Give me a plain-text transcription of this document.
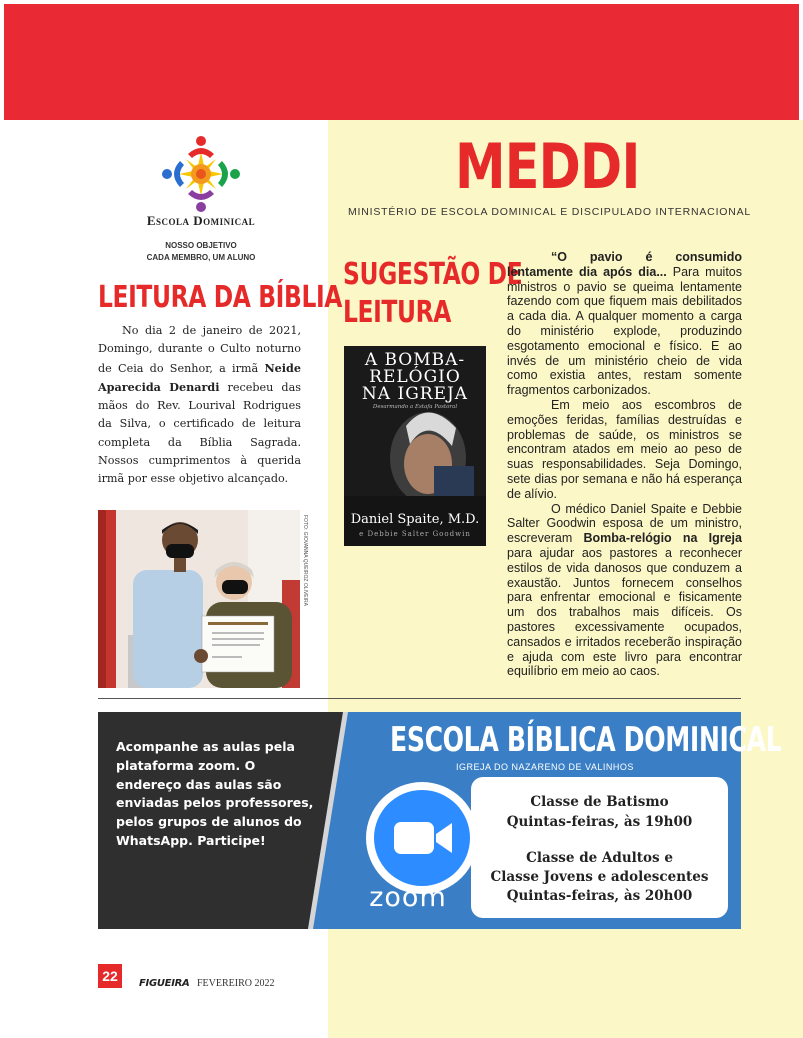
Escola Dominical
NOSSO OBJETIVO
CADA MEMBRO, UM ALUNO
LEITURA DA BÍBLIA

No dia 2 de janeiro de 2021, Domingo, durante o Culto noturno de Ceia do Senhor, a irmã Neide Aparecida Denardi recebeu das mãos do Rev. Lourival Rodrigues da Silva, o certificado de leitura completa da Bíblia Sagrada. Nossos cumprimentos à querida irmã por esse objetivo alcançado.

FOTO: GIOVANNA QUEIROZ OLIVEIRA
MEDDI
MINISTÉRIO DE ESCOLA DOMINICAL E DISCIPULADO INTERNACIONAL
SUGESTÃO DE
LEITURA
A BOMBA-
RELÓGIO
NA IGREJA
Desarmando a Estafa Pastoral
Daniel Spaite, M.D.
e Debbie Salter Goodwin

“O pavio é consumido lentamente dia após dia... Para muitos ministros o pavio se queima lentamente fazendo com que fiquem mais debilitados a cada dia. A qualquer momento a carga do ministério explode, produzindo esgotamento emocional e físico. E ao invés de um ministério cheio de vida como existia antes, restam somente fragmentos carbonizados.

Em meio aos escombros de emoções feridas, famílias destruídas e problemas de saúde, os ministros se encontram atados em meio ao peso de suas responsabilidades. Seja Domingo, sete dias por semana e não há esperança de alívio.

O médico Daniel Spaite e Debbie Salter Goodwin esposa de um ministro, escreveram Bomba-relógio na Igreja para ajudar aos pastores a reconhecer estilos de vida danosos que conduzem a exaustão. Juntos fornecem conselhos para enfrentar emocional e fisicamente um dos trabalhos mais difíceis. Os pastores excessivamente ocupados, cansados e irritados receberão inspiração e ajuda com este livro para encontrar equilíbrio em meio ao caos.

Acompanhe as aulas pela plataforma zoom. O endereço das aulas são enviadas pelos professores, pelos grupos de alunos do WhatsApp. Participe!
ESCOLA BÍBLICA DOMINICAL
IGREJA DO NAZARENO DE VALINHOS
zoom
Classe de Batismo
Quintas-feiras, às 19h00
Classe de Adultos e
Classe Jovens e adolescentes
Quintas-feiras, às 20h00
22	FIGUEIRA FEVEREIRO 2022
